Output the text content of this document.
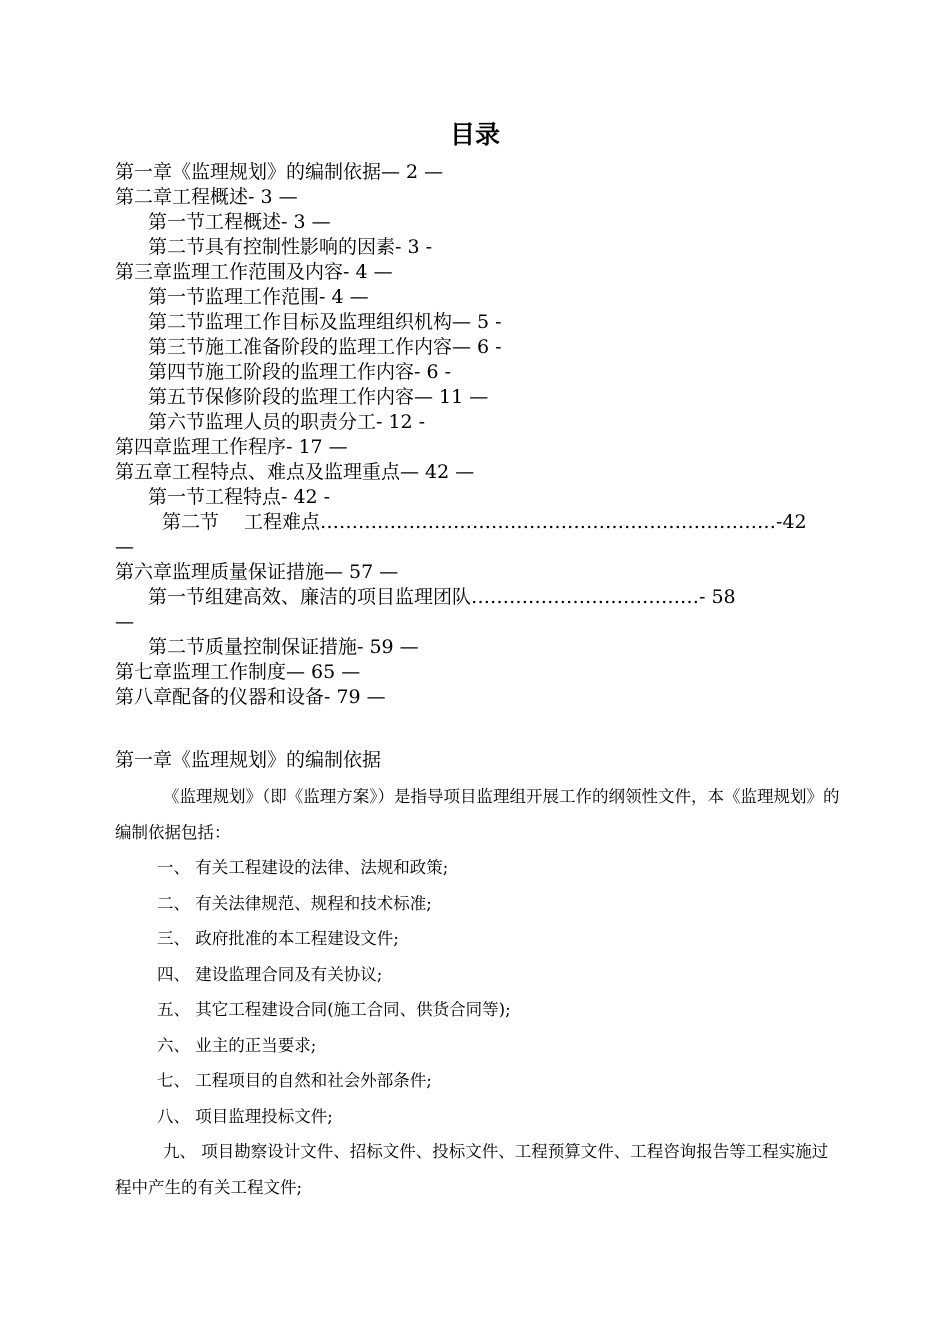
目录
第一章《监理规划》的编制依据— 2 —
第二章工程概述- 3 —
第一节工程概述- 3 —
第二节具有控制性影响的因素- 3 -
第三章监理工作范围及内容- 4 —
第一节监理工作范围- 4 —
第二节监理工作目标及监理组织机构— 5 -
第三节施工准备阶段的监理工作内容— 6 -
第四节施工阶段的监理工作内容- 6 -
第五节保修阶段的监理工作内容— 11 —
第六节监理人员的职责分工- 12 -
第四章监理工作程序- 17 —
第五章工程特点、难点及监理重点— 42 —
第一节工程特点- 42 -
第二节　 工程难点………………………………………………………………-42
—
第六章监理质量保证措施— 57 —
第一节组建高效、廉洁的项目监理团队………………………………- 58
—
第二节质量控制保证措施- 59 —
第七章监理工作制度— 65 —
第八章配备的仪器和设备- 79 —
第一章《监理规划》的编制依据

《监理规划》（即《监理方案》）是指导项目监理组开展工作的纲领性文件，本《监理规划》的编制依据包括：

一、 有关工程建设的法律、法规和政策;

二、 有关法律规范、规程和技术标准;

三、 政府批准的本工程建设文件;

四、 建设监理合同及有关协议;

五、 其它工程建设合同(施工合同、供货合同等);

六、 业主的正当要求;

七、 工程项目的自然和社会外部条件;

八、 项目监理投标文件;

九、 项目勘察设计文件、招标文件、投标文件、工程预算文件、工程咨询报告等工程实施过程中产生的有关工程文件;
